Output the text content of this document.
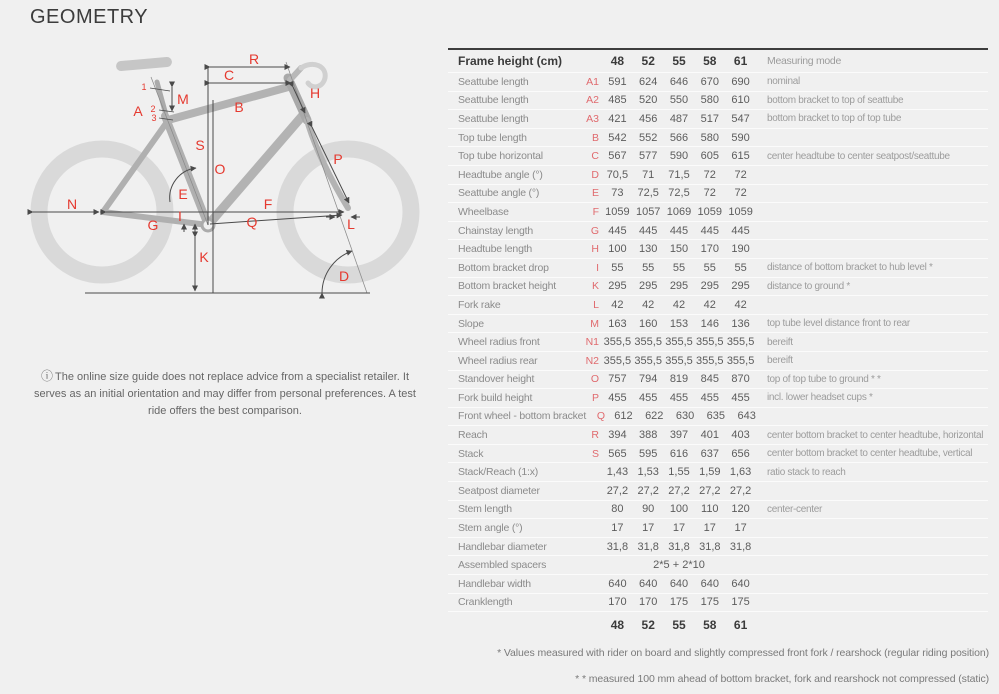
GEOMETRY
A
1
2
3
B
C
D
E
F
G
H
I
K
L
M
N
O
P
Q
R
S
ⓘ The online size guide does not replace advice from a specialist retailer. It serves as an initial orientation and may differ from personal preferences. A test ride offers the best comparison.
Frame height (cm)	48	52	55	58	61	Measuring mode
Seattube length	A1 591	624	646	670	690	nominal
Seattube length	A2 485	520	550	580	610	bottom bracket to top of seattube
Seattube length	A3 421	456	487	517	547	bottom bracket to top of top tube
Top tube length	B 542	552	566	580	590
Top tube horizontal	C 567	577	590	605	615	center headtube to center seatpost/seattube
Headtube angle (°)	D 70,5	71	71,5	72	72
Seattube angle (°)	E	73	72,5 72,5	72	72
Wheelbase	F 1059 1057 1069 1059 1059
Chainstay length	G 445	445	445	445	445
Headtube length	H 100	130	150	170	190
Bottom bracket drop	I	55	55	55	55	55	distance of bottom bracket to hub level *
Bottom bracket height	K 295	295	295	295	295	distance to ground *
Fork rake	L	42	42	42	42	42
Slope	M 163	160	153	146	136	top tube level distance front to rear
Wheel radius front	N1 355,5 355,5 355,5 355,5 355,5 bereift
Wheel radius rear	N2 355,5 355,5 355,5 355,5 355,5 bereift
Standover height	O 757	794	819	845	870	top of top tube to ground * *
Fork build height	P 455	455	455	455	455	incl. lower headset cups *
Front wheel - bottom bracket	Q 612	622	630	635	643
Reach	R 394	388	397	401	403	center bottom bracket to center headtube, horizontal
Stack	S 565	595	616	637	656	center bottom bracket to center headtube, vertical
Stack/Reach (1:x)	1,43 1,53 1,55 1,59 1,63	ratio stack to reach
Seatpost diameter	27,2 27,2 27,2 27,2 27,2
Stem length	80	90	100	110	120	center-center
Stem angle (°)	17	17	17	17	17
Handlebar diameter	31,8 31,8 31,8 31,8 31,8
Assembled spacers	2*5 + 2*10
Handlebar width	640	640	640	640	640
Cranklength	170	170	175	175	175
48	52	55	58	61
* Values measured with rider on board and slightly compressed front fork / rearshock (regular riding position)
* * measured 100 mm ahead of bottom bracket, fork and rearshock not compressed (static)
